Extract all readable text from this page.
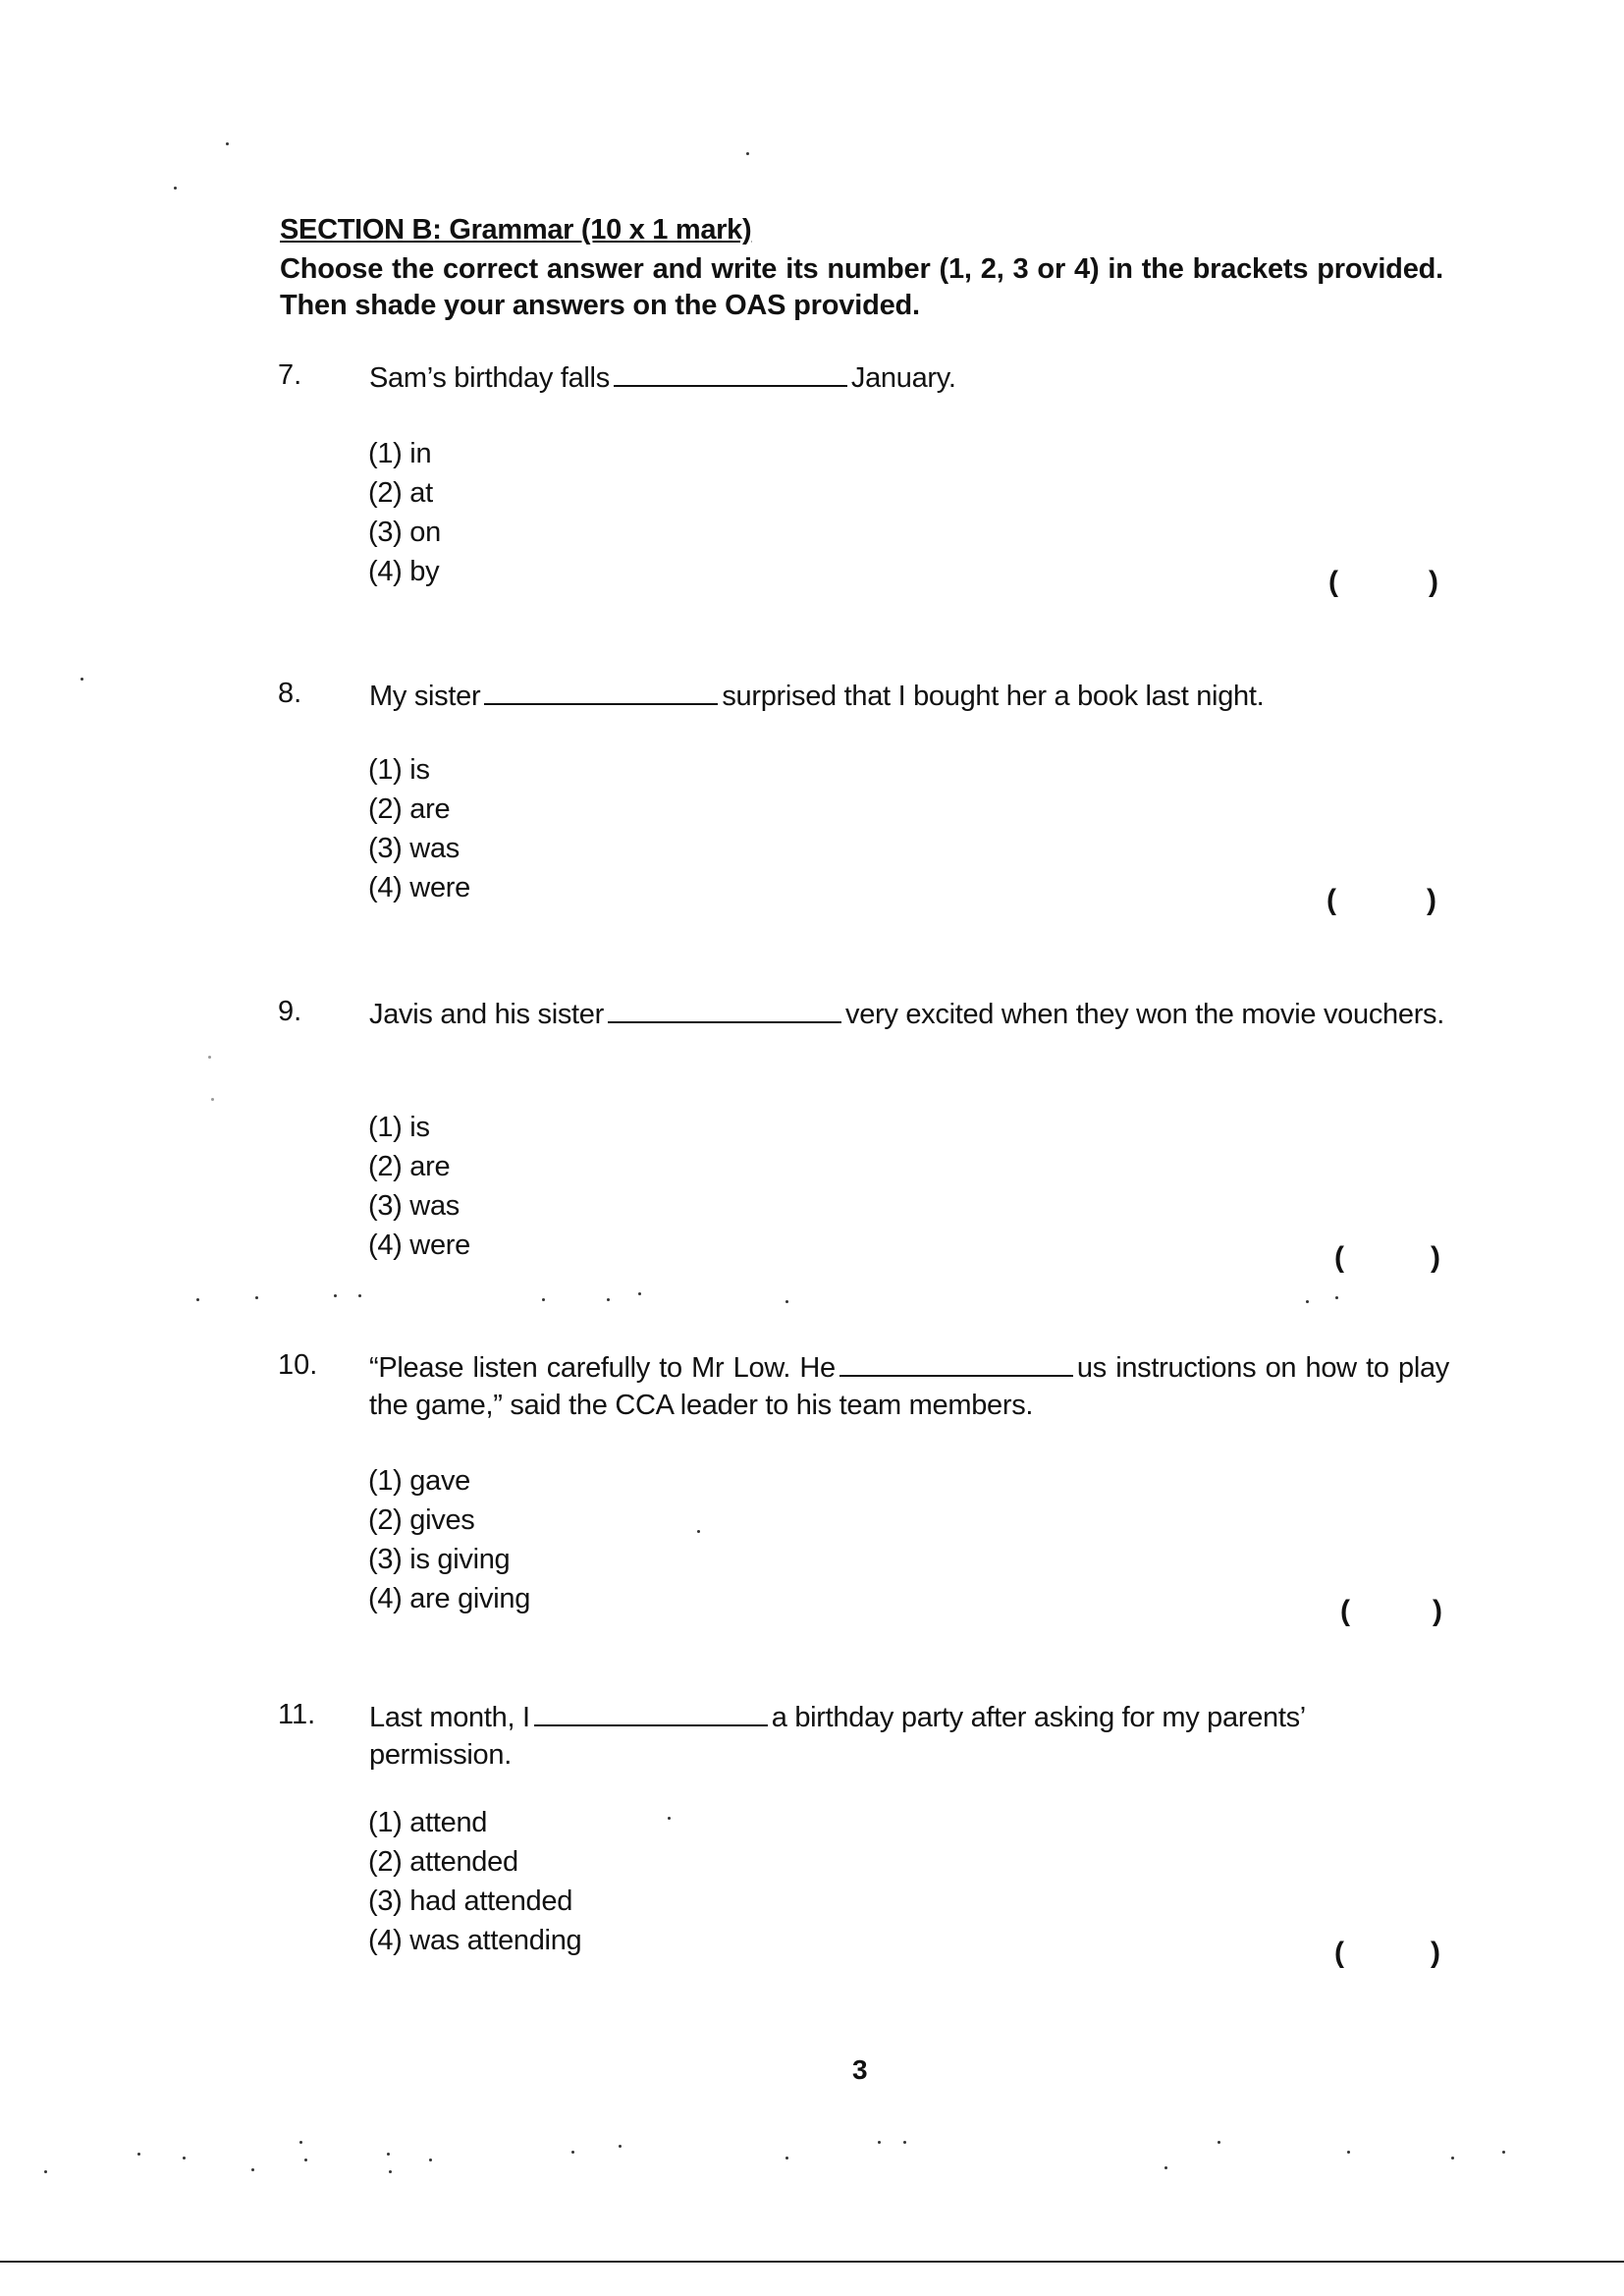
SECTION B: Grammar (10 x 1 mark)
Choose the correct answer and write its number (1, 2, 3 or 4) in the brackets provided. Then shade your answers on the OAS provided.
7. Sam’s birthday falls	January.
(1) in
(2) at
(3) on
(4) by	(	)
8. My sister	surprised that I bought her a book last night.
(1) is
(2) are
(3) was
(4) were	(	)
9. Javis and his sister	very excited when they won the movie vouchers.
(1) is
(2) are
(3) was
(4) were	(	)
10. “Please listen carefully to Mr Low. He	us instructions on how to play the game,” said the CCA leader to his team members.
(1) gave
(2) gives
(3) is giving
(4) are giving	(	)
11. Last month, I	a birthday party after asking for my parents’ permission.
(1) attend
(2) attended
(3) had attended
(4) was attending	(	)
3
